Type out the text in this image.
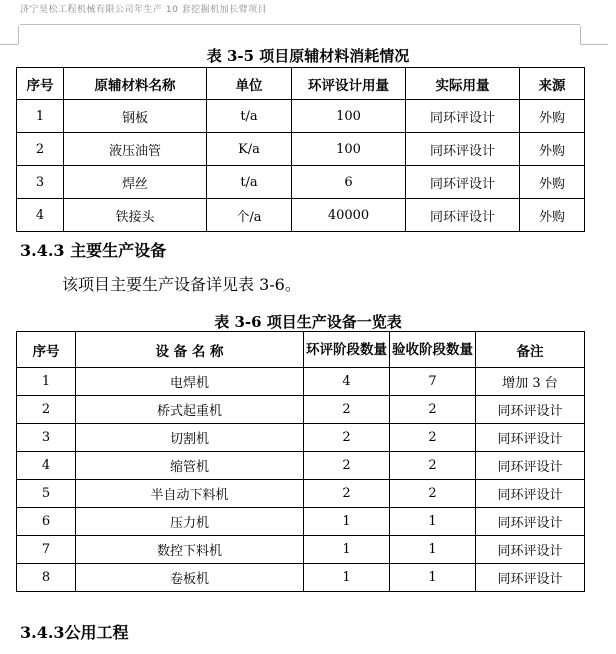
济宁昊松工程机械有限公司年生产 10 套挖掘机加长臂项目
表 3-5 项目原辅材料消耗情况
序号	原辅材料名称	单位	环评设计用量	实际用量	来源
1	钢板	t/a	100	同环评设计	外购
2	液压油管	K/a	100	同环评设计	外购
3	焊丝	t/a	6	同环评设计	外购
4	铁接头	个/a	40000	同环评设计	外购
3.4.3 主要生产设备
该项目主要生产设备详见表 3-6。
表 3-6 项目生产设备一览表
序号	设 备 名 称	环评阶段数量	验收阶段数量	备注
1	电焊机	4	7	增加 3 台
2	桥式起重机	2	2	同环评设计
3	切割机	2	2	同环评设计
4	缩管机	2	2	同环评设计
5	半自动下料机	2	2	同环评设计
6	压力机	1	1	同环评设计
7	数控下料机	1	1	同环评设计
8	卷板机	1	1	同环评设计
3.4.3公用工程
